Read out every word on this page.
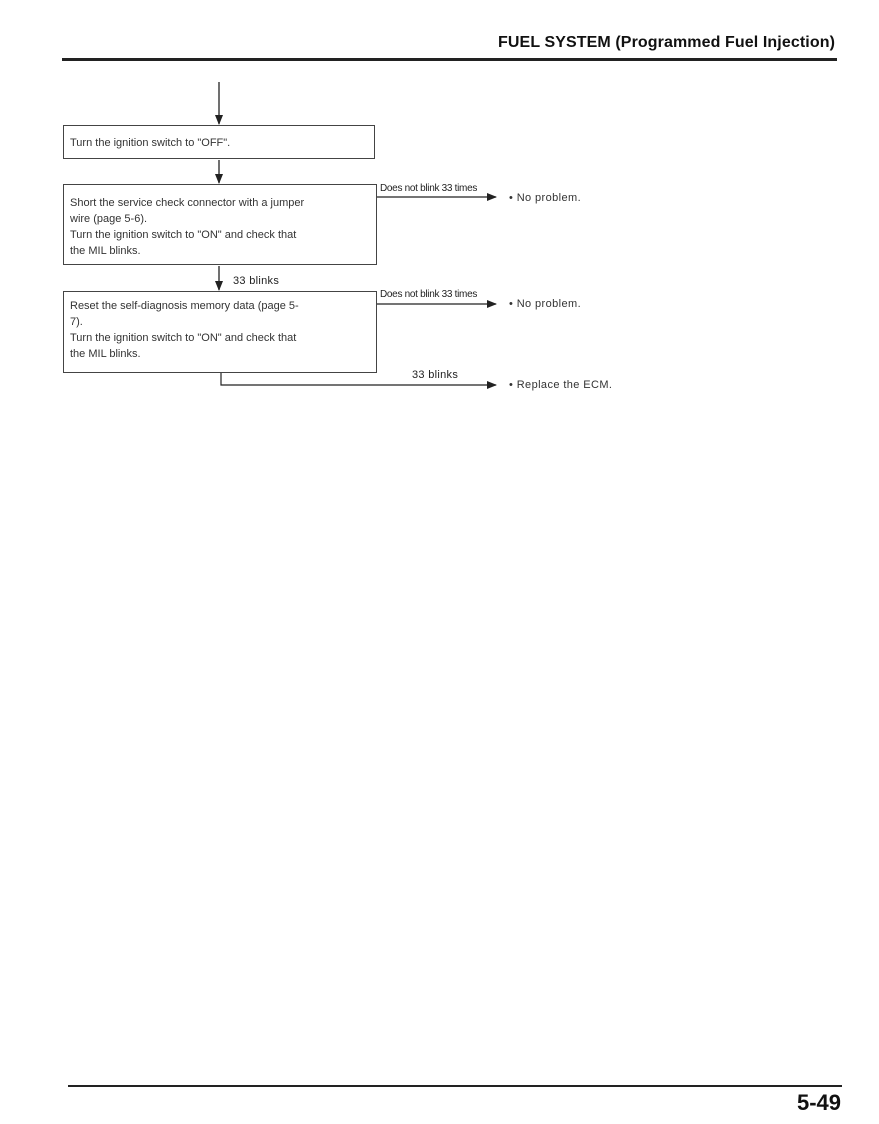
FUEL SYSTEM (Programmed Fuel Injection)
Turn the ignition switch to "OFF".
Short the service check connector with a jumper
wire (page 5-6).
Turn the ignition switch to "ON" and check that
the MIL blinks.
Reset the self-diagnosis memory data (page 5-
7).
Turn the ignition switch to "ON" and check that
the MIL blinks.
Does not blink 33 times
33 blinks
Does not blink 33 times
33 blinks
• No problem.
• No problem.
• Replace the ECM.
5-49
